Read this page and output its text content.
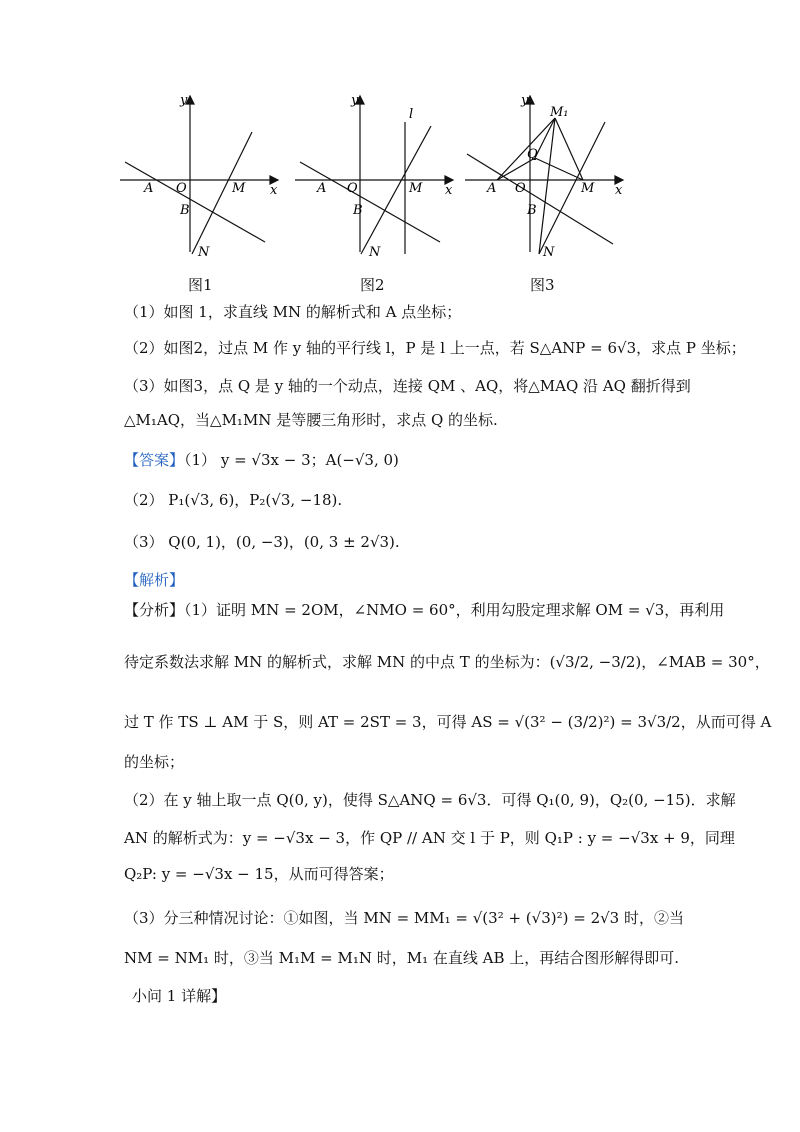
y
x
A O	M
B
N
图1
y
x
l
A O	M
B
N
图2
y
x
M₁
Q
A O	M
B
N
图3
（1）如图 1，求直线 MN 的解析式和 A 点坐标；
（2）如图2，过点 M 作 y 轴的平行线 l，P 是 l 上一点，若 S△ANP = 6√3，求点 P 坐标；
（3）如图3，点 Q 是 y 轴的一个动点，连接 QM 、AQ，将△MAQ 沿 AQ 翻折得到
△M₁AQ，当△M₁MN 是等腰三角形时，求点 Q 的坐标.
【答案】（1） y = √3x − 3；A(−√3, 0)
（2） P₁(√3, 6)，P₂(√3, −18).
（3） Q(0, 1)，(0, −3)，(0, 3 ± 2√3).
【解析】
【分析】（1）证明 MN = 2OM，∠NMO = 60°，利用勾股定理求解 OM = √3，再利用
待定系数法求解 MN 的解析式，求解 MN 的中点 T 的坐标为：(√3/2, −3/2)，∠MAB = 30°，
过 T 作 TS ⊥ AM 于 S，则 AT = 2ST = 3，可得 AS = √(3² − (3/2)²) = 3√3/2，从而可得 A
的坐标；
（2）在 y 轴上取一点 Q(0, y)，使得 S△ANQ = 6√3．可得 Q₁(0, 9)，Q₂(0, −15)．求解
AN 的解析式为：y = −√3x − 3，作 QP // AN 交 l 于 P，则 Q₁P : y = −√3x + 9，同理
Q₂P: y = −√3x − 15，从而可得答案；
（3）分三种情况讨论：①如图，当 MN = MM₁ = √(3² + (√3)²) = 2√3 时，②当
NM = NM₁ 时，③当 M₁M = M₁N 时，M₁ 在直线 AB 上，再结合图形解得即可.
小问 1 详解】
